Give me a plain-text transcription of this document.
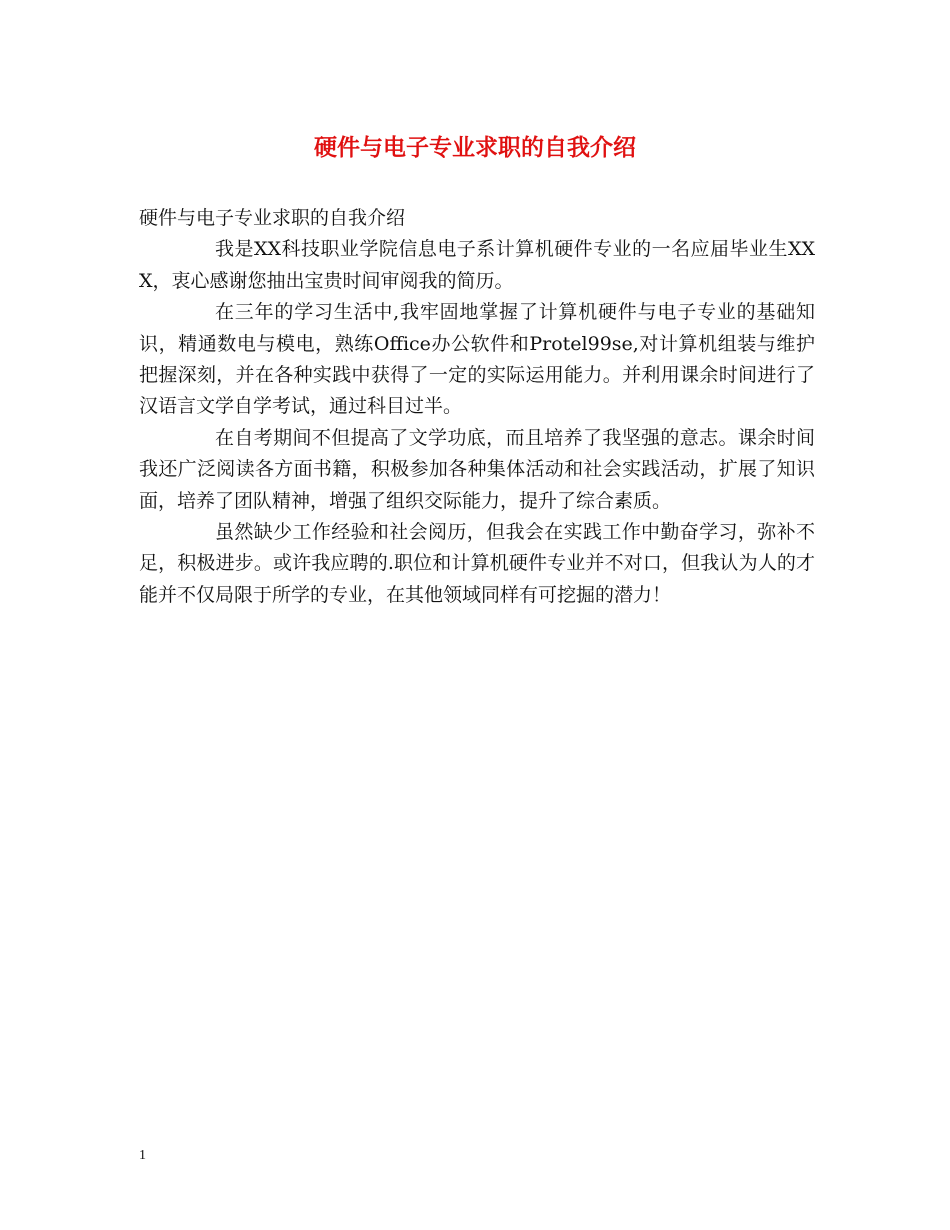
硬件与电子专业求职的自我介绍

硬件与电子专业求职的自我介绍

我是XX科技职业学院信息电子系计算机硬件专业的一名应届毕业生XXX，衷心感谢您抽出宝贵时间审阅我的简历。

在三年的学习生活中,我牢固地掌握了计算机硬件与电子专业的基础知识，精通数电与模电，熟练Office办公软件和Protel99se,对计算机组装与维护把握深刻，并在各种实践中获得了一定的实际运用能力。并利用课余时间进行了汉语言文学自学考试，通过科目过半。

在自考期间不但提高了文学功底，而且培养了我坚强的意志。课余时间我还广泛阅读各方面书籍，积极参加各种集体活动和社会实践活动，扩展了知识面，培养了团队精神，增强了组织交际能力，提升了综合素质。

虽然缺少工作经验和社会阅历，但我会在实践工作中勤奋学习，弥补不足，积极进步。或许我应聘的.职位和计算机硬件专业并不对口，但我认为人的才能并不仅局限于所学的专业，在其他领域同样有可挖掘的潜力！

1
